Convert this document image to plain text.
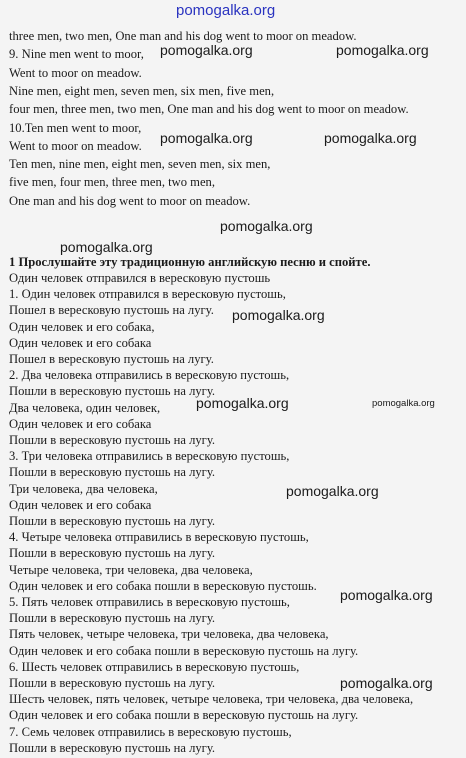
pomogalka.org
pomogalka.org	pomogalka.org
pomogalka.org	pomogalka.org
pomogalka.org
pomogalka.org
pomogalka.org
pomogalka.org	pomogalka.org
pomogalka.org
pomogalka.org
pomogalka.org
three men, two men, One man and his dog went to moor on meadow.
9. Nine men went to moor,
Went to moor on meadow.
Nine men, eight men, seven men, six men, five men,
four men, three men, two men, One man and his dog went to moor on meadow.
10.Ten men went to moor,
Went to moor on meadow.
Ten men, nine men, eight men, seven men, six men,
five men, four men, three men, two men,
One man and his dog went to moor on meadow.
1 Прослушайте эту традиционную английскую песню и спойте.
Один человек отправился в вересковую пустошь
1. Один человек отправился в вересковую пустошь,
Пошел в вересковую пустошь на лугу.
Один человек и его собака,
Один человек и его собака
Пошел в вересковую пустошь на лугу.
2. Два человека отправились в вересковую пустошь,
Пошли в вересковую пустошь на лугу.
Два человека, один человек,
Один человек и его собака
Пошли в вересковую пустошь на лугу.
3. Три человека отправились в вересковую пустошь,
Пошли в вересковую пустошь на лугу.
Три человека, два человека,
Один человек и его собака
Пошли в вересковую пустошь на лугу.
4. Четыре человека отправились в вересковую пустошь,
Пошли в вересковую пустошь на лугу.
Четыре человека, три человека, два человека,
Один человек и его собака пошли в вересковую пустошь.
5. Пять человек отправились в вересковую пустошь,
Пошли в вересковую пустошь на лугу.
Пять человек, четыре человека, три человека, два человека,
Один человек и его собака пошли в вересковую пустошь на лугу.
6. Шесть человек отправились в вересковую пустошь,
Пошли в вересковую пустошь на лугу.
Шесть человек, пять человек, четыре человека, три человека, два человека,
Один человек и его собака пошли в вересковую пустошь на лугу.
7. Семь человек отправились в вересковую пустошь,
Пошли в вересковую пустошь на лугу.
